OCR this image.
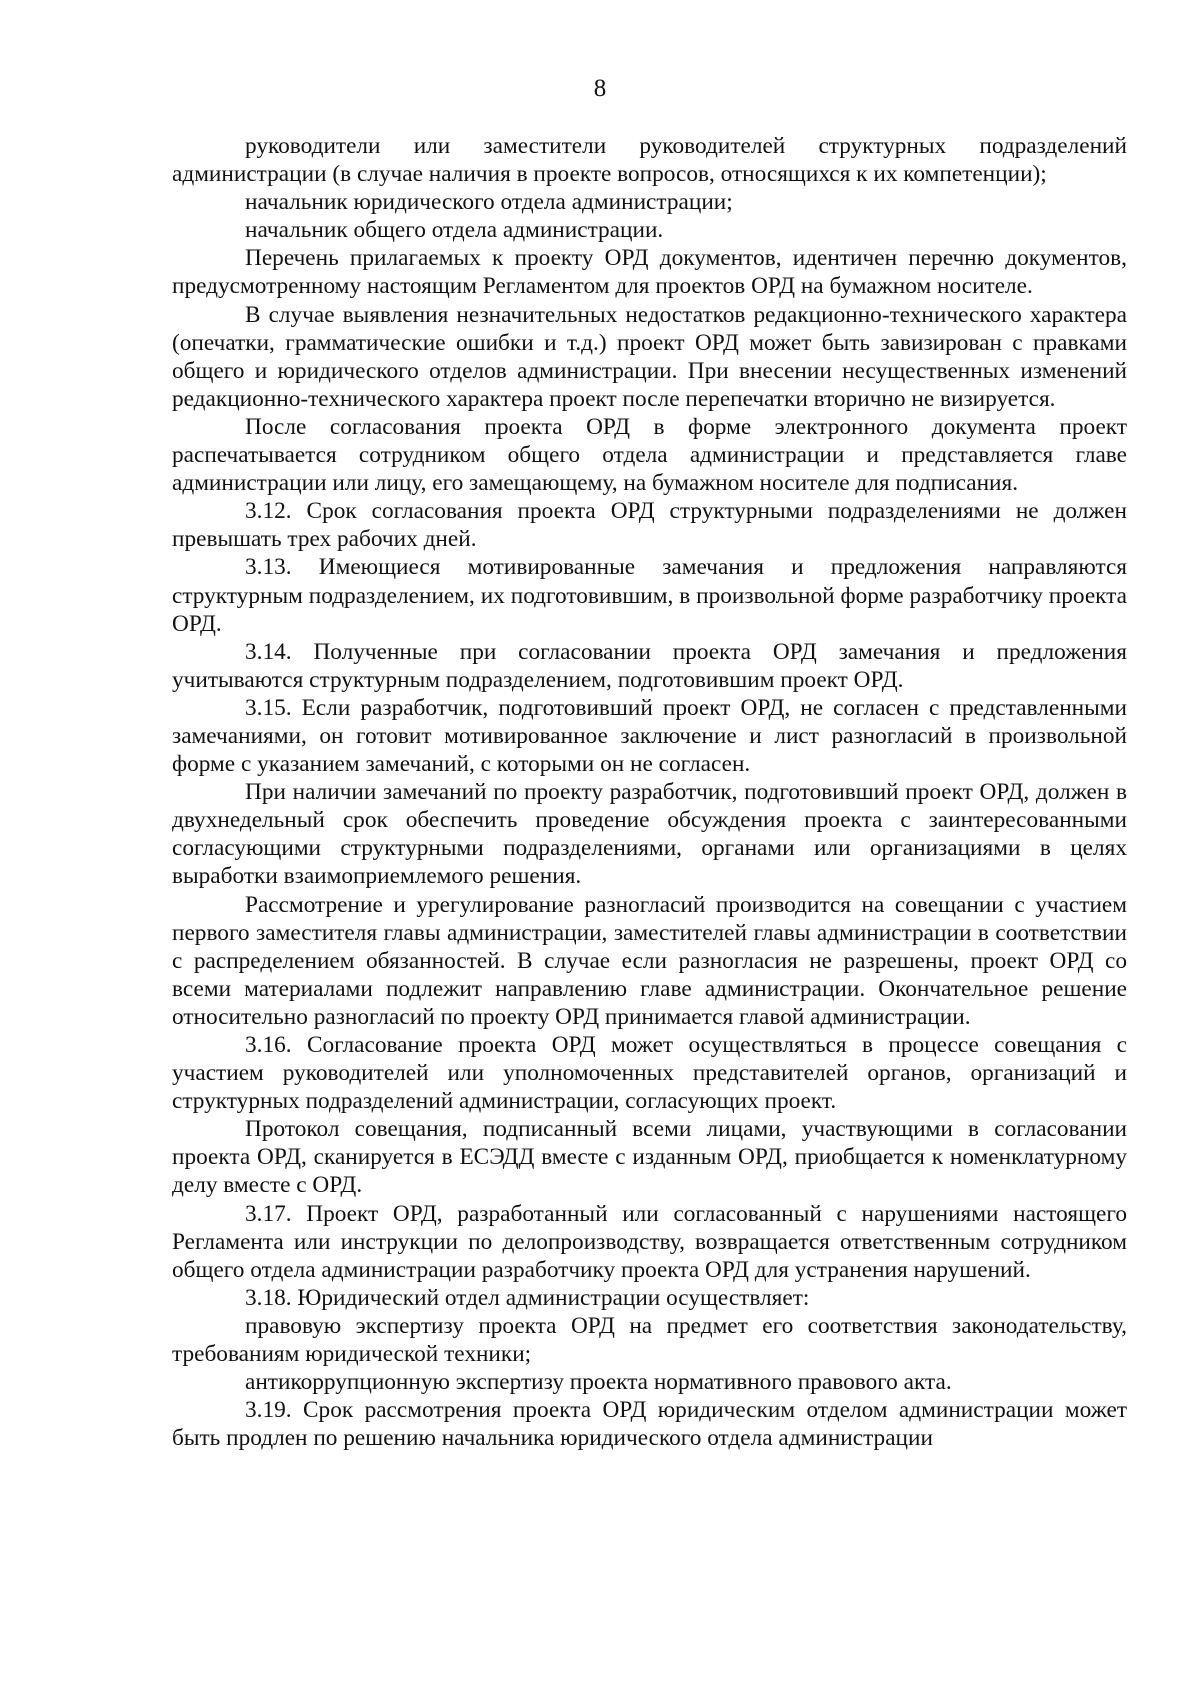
8

руководители или заместители руководителей структурных подразделений администрации (в случае наличия в проекте вопросов, относящихся к их компетенции);

начальник юридического отдела администрации;

начальник общего отдела администрации.

Перечень прилагаемых к проекту ОРД документов, идентичен перечню документов, предусмотренному настоящим Регламентом для проектов ОРД на бумажном носителе.

В случае выявления незначительных недостатков редакционно-технического характера (опечатки, грамматические ошибки и т.д.) проект ОРД может быть завизирован с правками общего и юридического отделов администрации. При внесении несущественных изменений редакционно-технического характера проект после перепечатки вторично не визируется.

После согласования проекта ОРД в форме электронного документа проект распечатывается сотрудником общего отдела администрации и представляется главе администрации или лицу, его замещающему, на бумажном носителе для подписания.

3.12. Срок согласования проекта ОРД структурными подразделениями не должен превышать трех рабочих дней.

3.13. Имеющиеся мотивированные замечания и предложения направляются структурным подразделением, их подготовившим, в произвольной форме разработчику проекта ОРД.

3.14. Полученные при согласовании проекта ОРД замечания и предложения учитываются структурным подразделением, подготовившим проект ОРД.

3.15. Если разработчик, подготовивший проект ОРД, не согласен с представленными замечаниями, он готовит мотивированное заключение и лист разногласий в произвольной форме с указанием замечаний, с которыми он не согласен.

При наличии замечаний по проекту разработчик, подготовивший проект ОРД, должен в двухнедельный срок обеспечить проведение обсуждения проекта с заинтересованными согласующими структурными подразделениями, органами или организациями в целях выработки взаимоприемлемого решения.

Рассмотрение и урегулирование разногласий производится на совещании с участием первого заместителя главы администрации, заместителей главы администрации в соответствии с распределением обязанностей. В случае если разногласия не разрешены, проект ОРД со всеми материалами подлежит направлению главе администрации. Окончательное решение относительно разногласий по проекту ОРД принимается главой администрации.

3.16. Согласование проекта ОРД может осуществляться в процессе совещания с участием руководителей или уполномоченных представителей органов, организаций и структурных подразделений администрации, согласующих проект.

Протокол совещания, подписанный всеми лицами, участвующими в согласовании проекта ОРД, сканируется в ЕСЭДД вместе с изданным ОРД, приобщается к номенклатурному делу вместе с ОРД.

3.17. Проект ОРД, разработанный или согласованный с нарушениями настоящего Регламента или инструкции по делопроизводству, возвращается ответственным сотрудником общего отдела администрации разработчику проекта ОРД для устранения нарушений.

3.18. Юридический отдел администрации осуществляет:

правовую экспертизу проекта ОРД на предмет его соответствия законодательству, требованиям юридической техники;

антикоррупционную экспертизу проекта нормативного правового акта.

3.19. Срок рассмотрения проекта ОРД юридическим отделом администрации может быть продлен по решению начальника юридического отдела администрации
